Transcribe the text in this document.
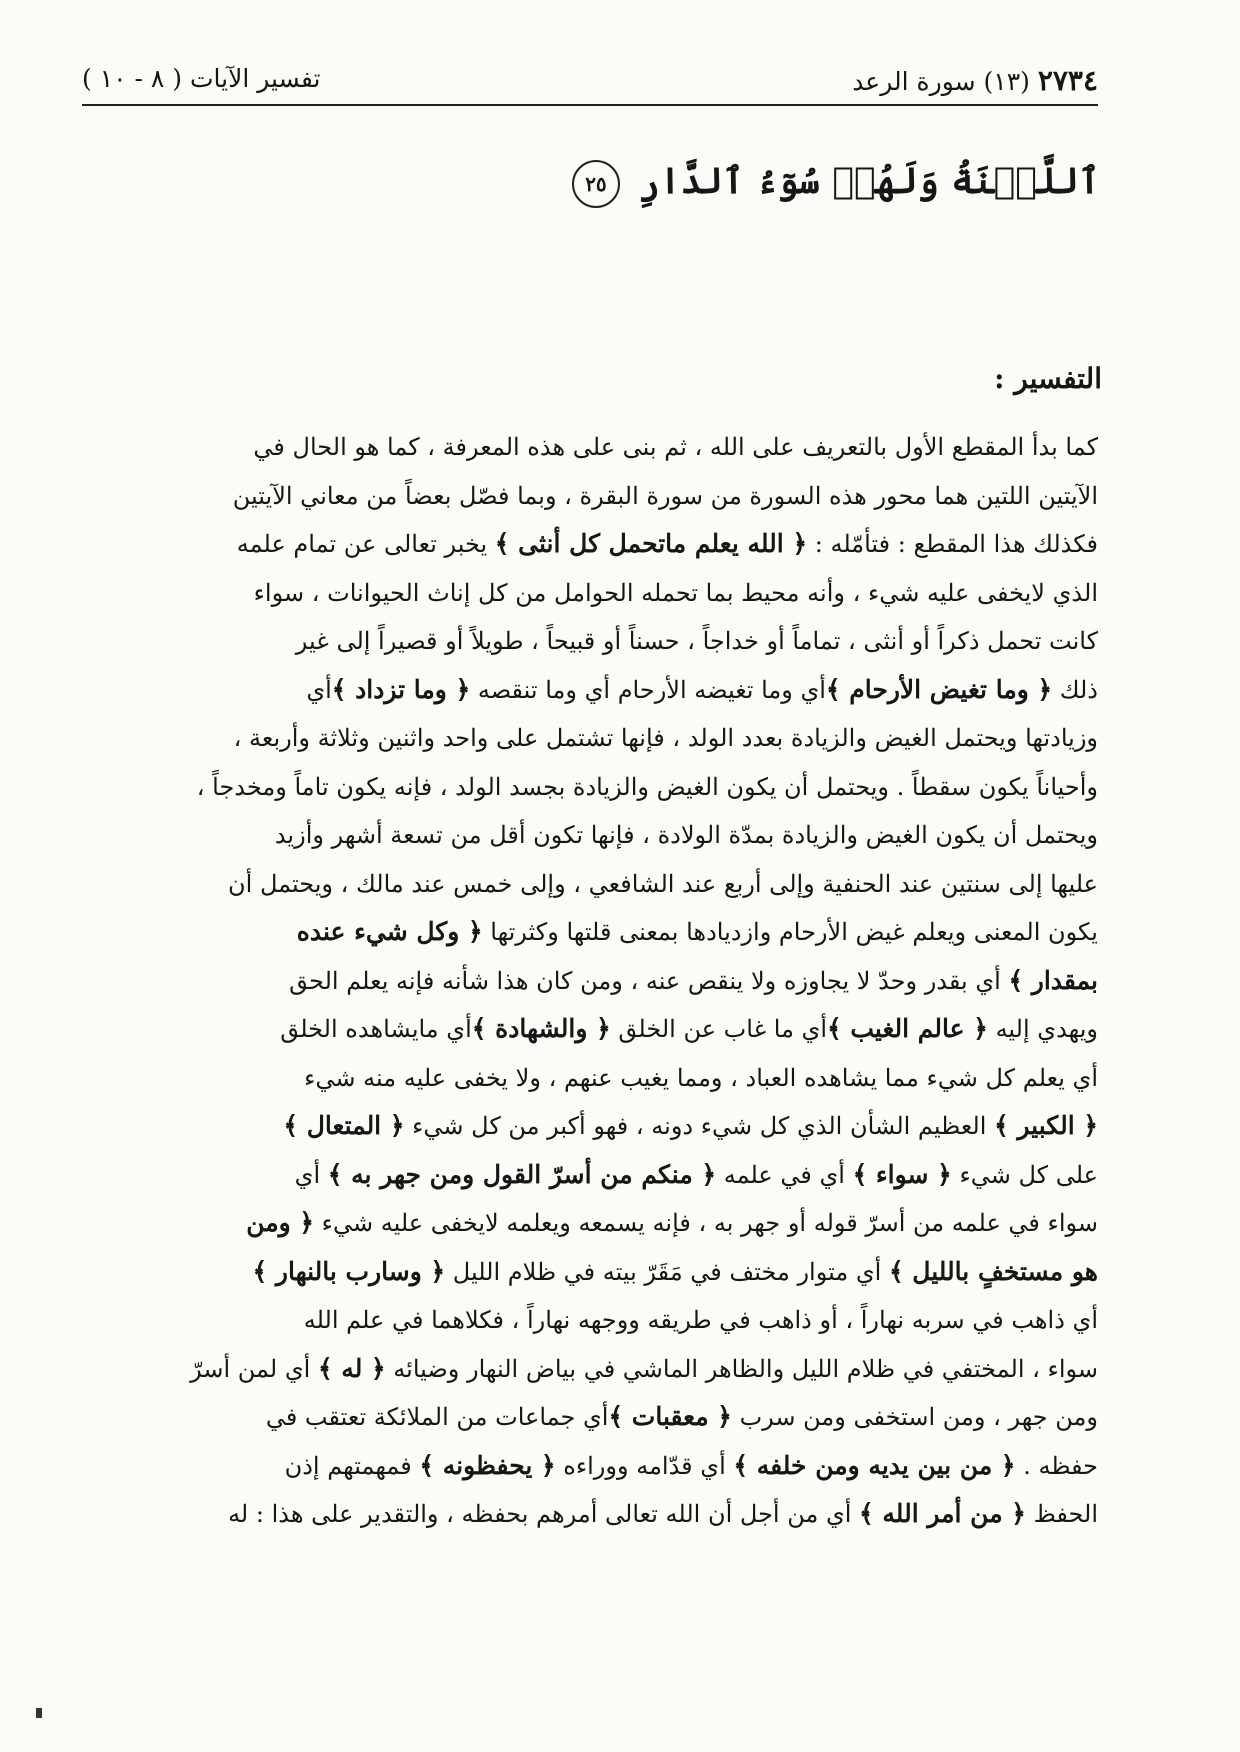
٢٧٣٤ (١٣) سورة الرعد
تفسير الآيات ( ٨ - ١٠ )
ٱللَّعۡنَةُ وَلَهُمۡ سُوٓءُ ٱلدَّارِ ٢٥
التفسير :
كما بدأ المقطع الأول بالتعريف على الله ، ثم بنى على هذه المعرفة ، كما هو الحال في
الآيتين اللتين هما محور هذه السورة من سورة البقرة ، وبما فصّل بعضاً من معاني الآيتين
فكذلك هذا المقطع : فتأمّله : ﴿ الله يعلم ماتحمل كل أنثى ﴾ يخبر تعالى عن تمام علمه
الذي لايخفى عليه شيء ، وأنه محيط بما تحمله الحوامل من كل إناث الحيوانات ، سواء
كانت تحمل ذكراً أو أنثى ، تماماً أو خداجاً ، حسناً أو قبيحاً ، طويلاً أو قصيراً إلى غير
ذلك ﴿ وما تغيض الأرحام ﴾أي وما تغيضه الأرحام أي وما تنقصه ﴿ وما تزداد ﴾أي
وزيادتها ويحتمل الغيض والزيادة بعدد الولد ، فإنها تشتمل على واحد واثنين وثلاثة وأربعة ،
وأحياناً يكون سقطاً . ويحتمل أن يكون الغيض والزيادة بجسد الولد ، فإنه يكون تاماً ومخدجاً ،
ويحتمل أن يكون الغيض والزيادة بمدّة الولادة ، فإنها تكون أقل من تسعة أشهر وأزيد
عليها إلى سنتين عند الحنفية وإلى أربع عند الشافعي ، وإلى خمس عند مالك ، ويحتمل أن
يكون المعنى ويعلم غيض الأرحام وازديادها بمعنى قلتها وكثرتها ﴿ وكل شيء عنده
بمقدار ﴾ أي بقدر وحدّ لا يجاوزه ولا ينقص عنه ، ومن كان هذا شأنه فإنه يعلم الحق
ويهدي إليه ﴿ عالم الغيب ﴾أي ما غاب عن الخلق ﴿ والشهادة ﴾أي مايشاهده الخلق
أي يعلم كل شيء مما يشاهده العباد ، ومما يغيب عنهم ، ولا يخفى عليه منه شيء
﴿ الكبير ﴾ العظيم الشأن الذي كل شيء دونه ، فهو أكبر من كل شيء ﴿ المتعال ﴾
على كل شيء ﴿ سواء ﴾ أي في علمه ﴿ منكم من أسرّ القول ومن جهر به ﴾ أي
سواء في علمه من أسرّ قوله أو جهر به ، فإنه يسمعه ويعلمه لايخفى عليه شيء ﴿ ومن
هو مستخفٍ بالليل ﴾ أي متوار مختف في مَقَرّ بيته في ظلام الليل ﴿ وسارب بالنهار ﴾
أي ذاهب في سربه نهاراً ، أو ذاهب في طريقه ووجهه نهاراً ، فكلاهما في علم الله
سواء ، المختفي في ظلام الليل والظاهر الماشي في بياض النهار وضيائه ﴿ له ﴾ أي لمن أسرّ
ومن جهر ، ومن استخفى ومن سرب ﴿ معقبات ﴾أي جماعات من الملائكة تعتقب في
حفظه . ﴿ من بين يديه ومن خلفه ﴾ أي قدّامه ووراءه ﴿ يحفظونه ﴾ فمهمتهم إذن
الحفظ ﴿ من أمر الله ﴾ أي من أجل أن الله تعالى أمرهم بحفظه ، والتقدير على هذا : له
